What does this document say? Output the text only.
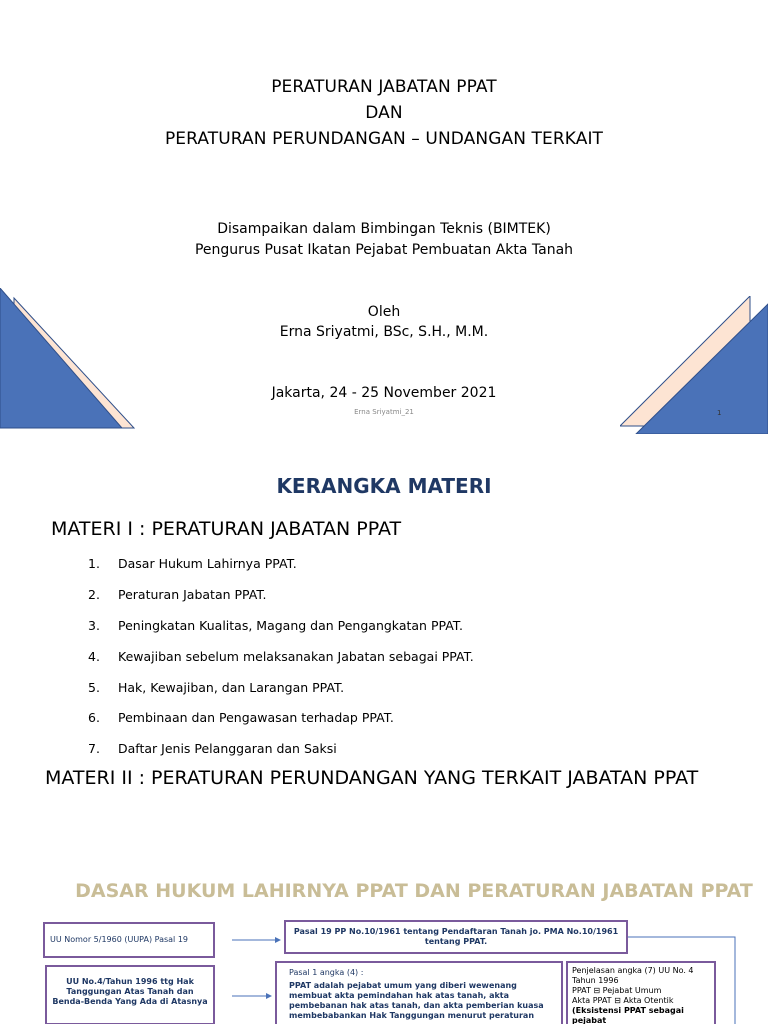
PERATURAN JABATAN PPAT
DAN
PERATURAN PERUNDANGAN – UNDANGAN TERKAIT
Disampaikan dalam Bimbingan Teknis (BIMTEK)
Pengurus Pusat Ikatan Pejabat Pembuatan Akta Tanah
Oleh
Erna Sriyatmi, BSc, S.H., M.M.
Jakarta, 24 - 25 November 2021
Erna Sriyatmi_21	1
KERANGKA MATERI
MATERI I : PERATURAN JABATAN PPAT
1. Dasar Hukum Lahirnya PPAT.
2. Peraturan Jabatan PPAT.
3. Peningkatan Kualitas, Magang dan Pengangkatan PPAT.
4. Kewajiban sebelum melaksanakan Jabatan sebagai PPAT.
5. Hak, Kewajiban, dan Larangan PPAT.
6. Pembinaan dan Pengawasan terhadap PPAT.
7. Daftar Jenis Pelanggaran dan Saksi
MATERI II : PERATURAN PERUNDANGAN YANG TERKAIT JABATAN PPAT
DASAR HUKUM LAHIRNYA PPAT DAN PERATURAN JABATAN PPAT
UU Nomor 5/1960 (UUPA) Pasal 19
Pasal 19 PP No.10/1961 tentang Pendaftaran Tanah jo. PMA No.10/1961 tentang PPAT.
UU No.4/Tahun 1996 ttg Hak Tanggungan Atas Tanah dan Benda-Benda Yang Ada di Atasnya
Pasal 1 angka (4) :
PPAT adalah pejabat umum yang diberi wewenang membuat akta pemindahan hak atas tanah, akta pembebanan hak atas tanah, dan akta pemberian kuasa membebabankan Hak Tanggungan menurut peraturan
Penjelasan angka (7) UU No. 4 Tahun 1996
PPAT ⊟ Pejabat Umum
Akta PPAT ⊟ Akta Otentik
(Eksistensi PPAT sebagai pejabat
